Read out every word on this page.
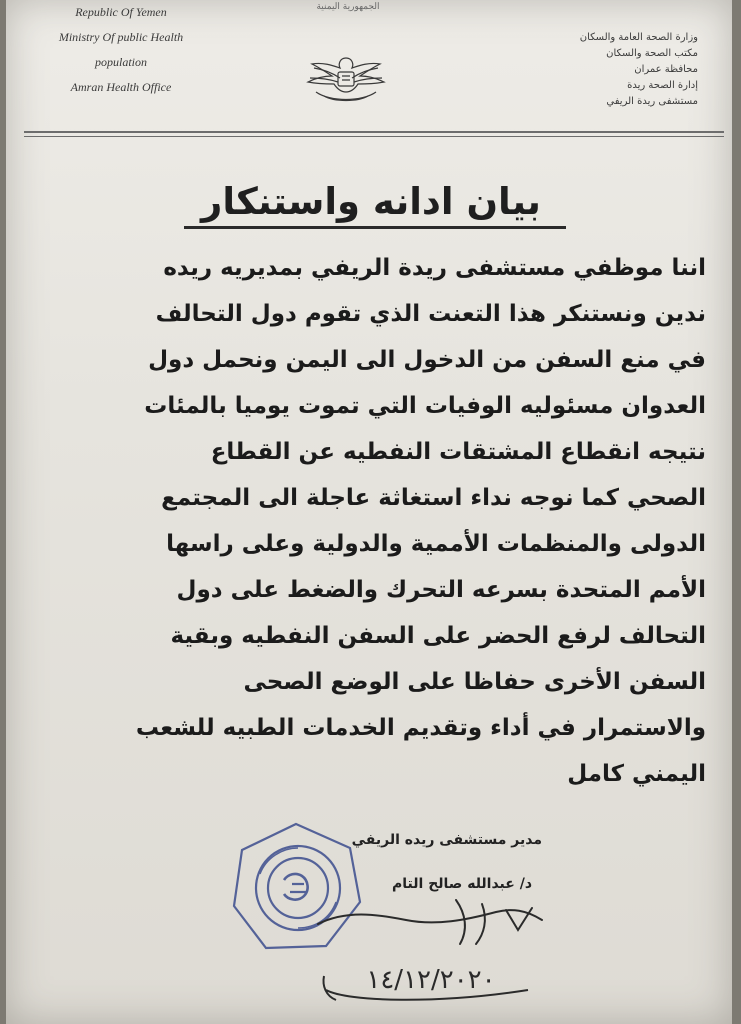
Republic Of Yemen
Ministry Of public Health
population
Amran Health Office
الجمهورية اليمنية
وزارة الصحة العامة والسكان
مكتب الصحة والسكان
محافظة عمران
إدارة الصحة ريدة
مستشفى ريدة الريفي
بيان ادانه واستنكار
اننا موظفي مستشفى ريدة الريفي بمديريه ريده
ندين ونستنكر هذا التعنت الذي تقوم دول التحالف
في منع السفن من الدخول الى اليمن ونحمل دول
العدوان مسئوليه الوفيات التي تموت يوميا بالمئات
نتيجه انقطاع المشتقات النفطيه عن القطاع
الصحي كما نوجه نداء استغاثة عاجلة الى المجتمع
الدولى والمنظمات الأممية والدولية وعلى راسها
الأمم المتحدة بسرعه التحرك والضغط على دول
التحالف لرفع الحضر على السفن النفطيه وبقية
السفن الأخرى حفاظا على الوضع الصحى
والاستمرار في أداء وتقديم الخدمات الطبيه للشعب
اليمني كامل
مدير مستشفى ريده الريفي
د/ عبدالله صالح التام
١٤/١٢/٢٠٢٠
